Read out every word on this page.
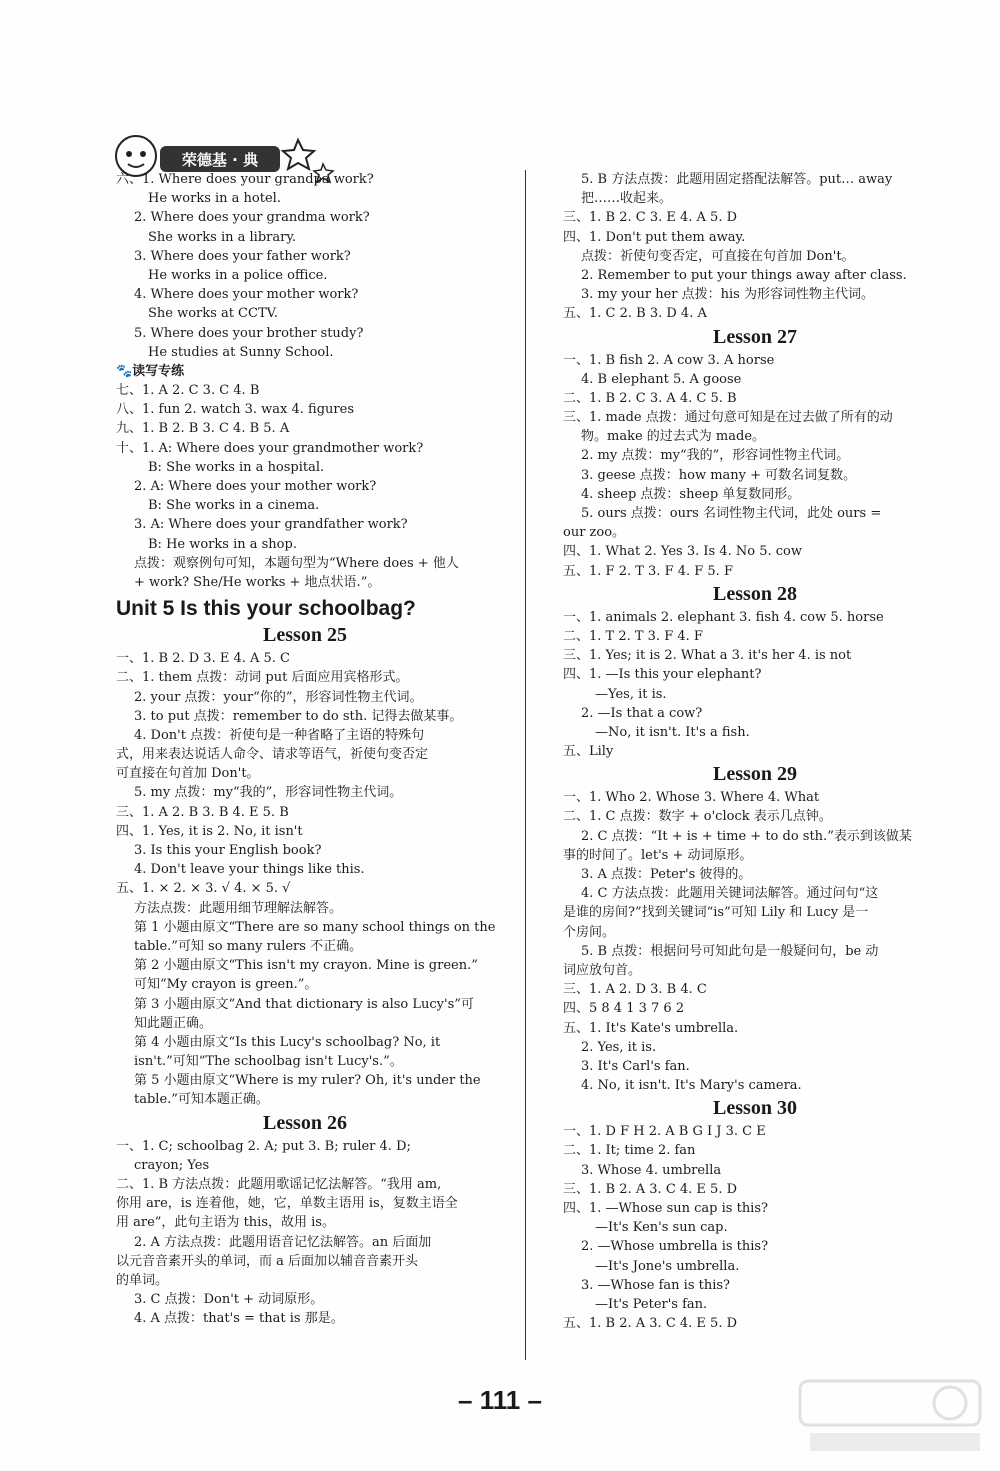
荣德基 · 典
六、1. Where does your grandpa work?
He works in a hotel.
2. Where does your grandma work?
She works in a library.
3. Where does your father work?
He works in a police office.
4. Where does your mother work?
She works at CCTV.
5. Where does your brother study?
He studies at Sunny School.
🐾读写专练
七、1. A 2. C 3. C 4. B
八、1. fun 2. watch 3. wax 4. figures
九、1. B 2. B 3. C 4. B 5. A
十、1. A: Where does your grandmother work?
B: She works in a hospital.
2. A: Where does your mother work?
B: She works in a cinema.
3. A: Where does your grandfather work?
B: He works in a shop.
点拨：观察例句可知，本题句型为“Where does + 他人
+ work? She/He works + 地点状语.”。
Unit 5 Is this your schoolbag?
Lesson 25
一、1. B 2. D 3. E 4. A 5. C
二、1. them 点拨：动词 put 后面应用宾格形式。
2. your 点拨：your“你的”，形容词性物主代词。
3. to put 点拨：remember to do sth. 记得去做某事。
4. Don't 点拨：祈使句是一种省略了主语的特殊句
式，用来表达说话人命令、请求等语气，祈使句变否定
可直接在句首加 Don't。
5. my 点拨：my“我的”，形容词性物主代词。
三、1. A 2. B 3. B 4. E 5. B
四、1. Yes, it is 2. No, it isn't
3. Is this your English book?
4. Don't leave your things like this.
五、1. × 2. × 3. √ 4. × 5. √
方法点拨：此题用细节理解法解答。
第 1 小题由原文“There are so many school things on the
table.”可知 so many rulers 不正确。
第 2 小题由原文“This isn't my crayon. Mine is green.”
可知“My crayon is green.”。
第 3 小题由原文“And that dictionary is also Lucy's”可
知此题正确。
第 4 小题由原文“Is this Lucy's schoolbag? No, it
isn't.”可知“The schoolbag isn't Lucy's.”。
第 5 小题由原文“Where is my ruler? Oh, it's under the
table.”可知本题正确。
Lesson 26
一、1. C; schoolbag 2. A; put 3. B; ruler 4. D;
crayon; Yes
二、1. B 方法点拨：此题用歌谣记忆法解答。“我用 am,
你用 are，is 连着他，她，它，单数主语用 is，复数主语全
用 are”，此句主语为 this，故用 is。
2. A 方法点拨：此题用语音记忆法解答。an 后面加
以元音音素开头的单词，而 a 后面加以辅音音素开头
的单词。
3. C 点拨：Don't + 动词原形。
4. A 点拨：that's = that is 那是。
5. B 方法点拨：此题用固定搭配法解答。put… away
把……收起来。
三、1. B 2. C 3. E 4. A 5. D
四、1. Don't put them away.
点拨：祈使句变否定，可直接在句首加 Don't。
2. Remember to put your things away after class.
3. my your her 点拨：his 为形容词性物主代词。
五、1. C 2. B 3. D 4. A
Lesson 27
一、1. B fish 2. A cow 3. A horse
4. B elephant 5. A goose
二、1. B 2. C 3. A 4. C 5. B
三、1. made 点拨：通过句意可知是在过去做了所有的动
物。make 的过去式为 made。
2. my 点拨：my“我的”，形容词性物主代词。
3. geese 点拨：how many + 可数名词复数。
4. sheep 点拨：sheep 单复数同形。
5. ours 点拨：ours 名词性物主代词，此处 ours =
our zoo。
四、1. What 2. Yes 3. Is 4. No 5. cow
五、1. F 2. T 3. F 4. F 5. F
Lesson 28
一、1. animals 2. elephant 3. fish 4. cow 5. horse
二、1. T 2. T 3. F 4. F
三、1. Yes; it is 2. What a 3. it's her 4. is not
四、1. —Is this your elephant?
—Yes, it is.
2. —Is that a cow?
—No, it isn't. It's a fish.
五、Lily
Lesson 29
一、1. Who 2. Whose 3. Where 4. What
二、1. C 点拨：数字 + o'clock 表示几点钟。
2. C 点拨：“It + is + time + to do sth.”表示到该做某
事的时间了。let's + 动词原形。
3. A 点拨：Peter's 彼得的。
4. C 方法点拨：此题用关键词法解答。通过问句“这
是谁的房间?”找到关键词“is”可知 Lily 和 Lucy 是一
个房间。
5. B 点拨：根据问号可知此句是一般疑问句，be 动
词应放句首。
三、1. A 2. D 3. B 4. C
四、5 8 4 1 3 7 6 2
五、1. It's Kate's umbrella.
2. Yes, it is.
3. It's Carl's fan.
4. No, it isn't. It's Mary's camera.
Lesson 30
一、1. D F H 2. A B G I J 3. C E
二、1. It; time 2. fan
3. Whose 4. umbrella
三、1. B 2. A 3. C 4. E 5. D
四、1. —Whose sun cap is this?
—It's Ken's sun cap.
2. —Whose umbrella is this?
—It's Jone's umbrella.
3. —Whose fan is this?
—It's Peter's fan.
五、1. B 2. A 3. C 4. E 5. D
– 111 –
